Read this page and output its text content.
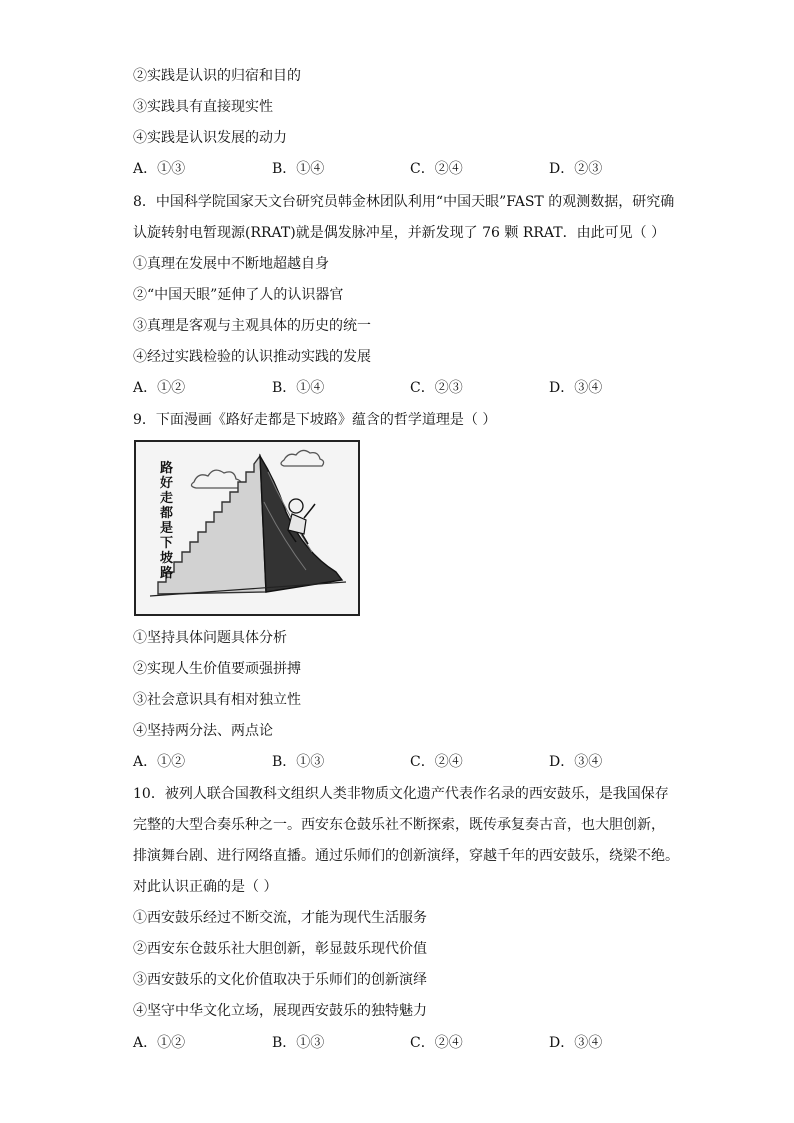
②实践是认识的归宿和目的
③实践具有直接现实性
④实践是认识发展的动力
A．①③	B．①④	C．②④	D．②③
8．中国科学院国家天文台研究员韩金林团队利用“中国天眼”FAST 的观测数据，研究确
认旋转射电暂现源(RRAT)就是偶发脉冲星，并新发现了 76 颗 RRAT．由此可见（ ）
①真理在发展中不断地超越自身
②“中国天眼”延伸了人的认识器官
③真理是客观与主观具体的历史的统一
④经过实践检验的认识推动实践的发展
A．①②	B．①④	C．②③	D．③④
9．下面漫画《路好走都是下坡路》蕴含的哲学道理是（ ）
路
好
走
都
是
下
坡
路
①坚持具体问题具体分析
②实现人生价值要顽强拼搏
③社会意识具有相对独立性
④坚持两分法、两点论
A．①②	B．①③	C．②④	D．③④
10．被列人联合国教科文组织人类非物质文化遗产代表作名录的西安鼓乐，是我国保存
完整的大型合奏乐种之一。西安东仓鼓乐社不断探索，既传承复奏古音，也大胆创新，
排演舞台剧、进行网络直播。通过乐师们的创新演绎，穿越千年的西安鼓乐，绕梁不绝。
对此认识正确的是（ ）
①西安鼓乐经过不断交流，才能为现代生活服务
②西安东仓鼓乐社大胆创新，彰显鼓乐现代价值
③西安鼓乐的文化价值取决于乐师们的创新演绎
④坚守中华文化立场，展现西安鼓乐的独特魅力
A．①②	B．①③	C．②④	D．③④
